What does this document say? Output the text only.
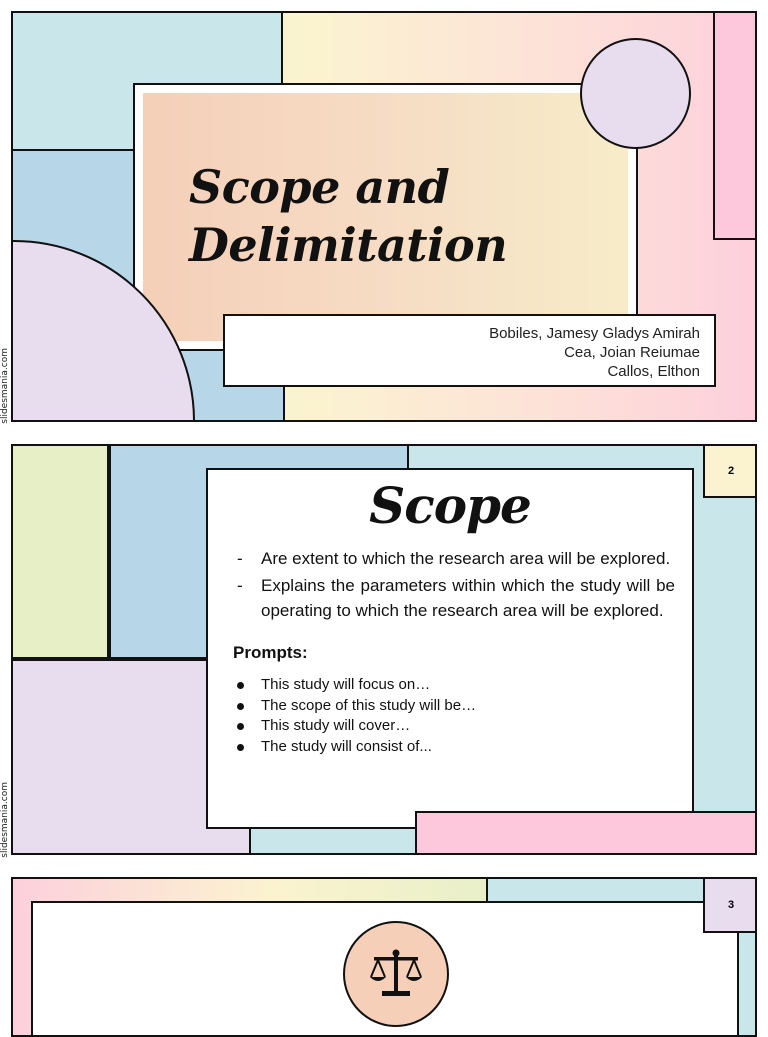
Scope and
Delimitation
Bobiles, Jamesy Gladys Amirah
Cea, Joian Reiumae
Callos, Elthon
slidesmania.com
2
Scope
- Are extent to which the research area will be explored.
- Explains the parameters within which the study will be operating to which the research area will be explored.
Prompts:
This study will focus on…
The scope of this study will be…
This study will cover…
The study will consist of...
slidesmania.com
3
